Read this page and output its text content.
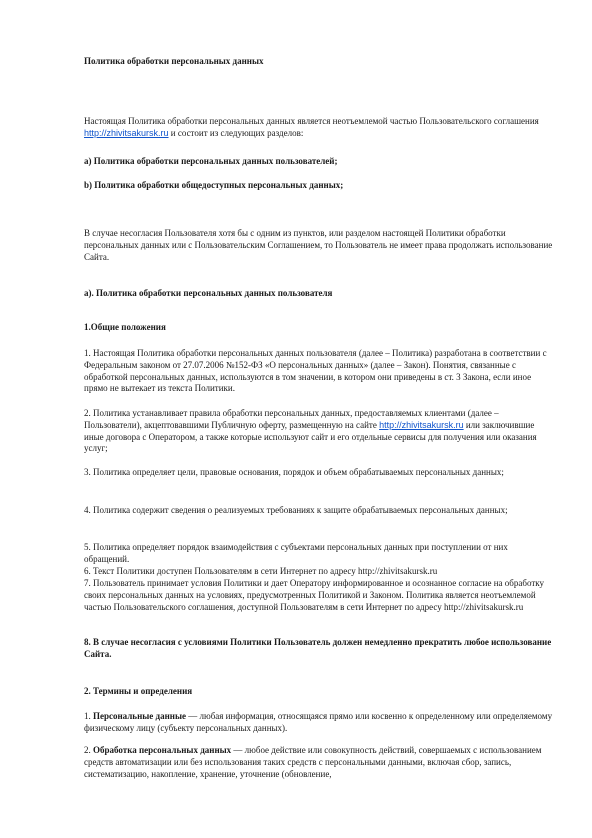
Политика обработки персональных данных

Настоящая Политика обработки персональных данных является неотъемлемой частью Пользовательского соглашения http://zhivitsakursk.ru и состоит из следующих разделов:

a) Политика обработки персональных данных пользователей;

b) Политика обработки общедоступных персональных данных;

В случае несогласия Пользователя хотя бы с одним из пунктов, или разделом настоящей Политики обработки персональных данных или с Пользовательским Соглашением, то Пользователь не имеет права продолжать использование Сайта.

a). Политика обработки персональных данных пользователя

1.Общие положения

1. Настоящая Политика обработки персональных данных пользователя (далее – Политика) разработана в соответствии с Федеральным законом от 27.07.2006 №152-ФЗ «О персональных данных» (далее – Закон). Понятия, связанные с обработкой персональных данных, используются в том значении, в котором они приведены в ст. 3 Закона, если иное прямо не вытекает из текста Политики.

2. Политика устанавливает правила обработки персональных данных, предоставляемых клиентами (далее – Пользователи), акцептовавшими Публичную оферту, размещенную на сайте http://zhivitsakursk.ru или заключившие иные договора с Оператором, а также которые используют сайт и его отдельные сервисы для получения или оказания услуг;

3. Политика определяет цели, правовые основания, порядок и объем обрабатываемых персональных данных;

4. Политика содержит сведения о реализуемых требованиях к защите обрабатываемых персональных данных;

5. Политика определяет порядок взаимодействия с субъектами персональных данных при поступлении от них обращений.

6. Текст Политики доступен Пользователям в сети Интернет по адресу http://zhivitsakursk.ru

7. Пользователь принимает условия Политики и дает Оператору информированное и осознанное согласие на обработку своих персональных данных на условиях, предусмотренных Политикой и Законом. Политика является неотъемлемой частью Пользовательского соглашения, доступной Пользователям в сети Интернет по адресу http://zhivitsakursk.ru

8. В случае несогласия с условиями Политики Пользователь должен немедленно прекратить любое использование Сайта.

2. Термины и определения

1. Персональные данные — любая информация, относящаяся прямо или косвенно к определенному или определяемому физическому лицу (субъекту персональных данных).

2. Обработка персональных данных — любое действие или совокупность действий, совершаемых с использованием средств автоматизации или без использования таких средств с персональными данными, включая сбор, запись, систематизацию, накопление, хранение, уточнение (обновление,
